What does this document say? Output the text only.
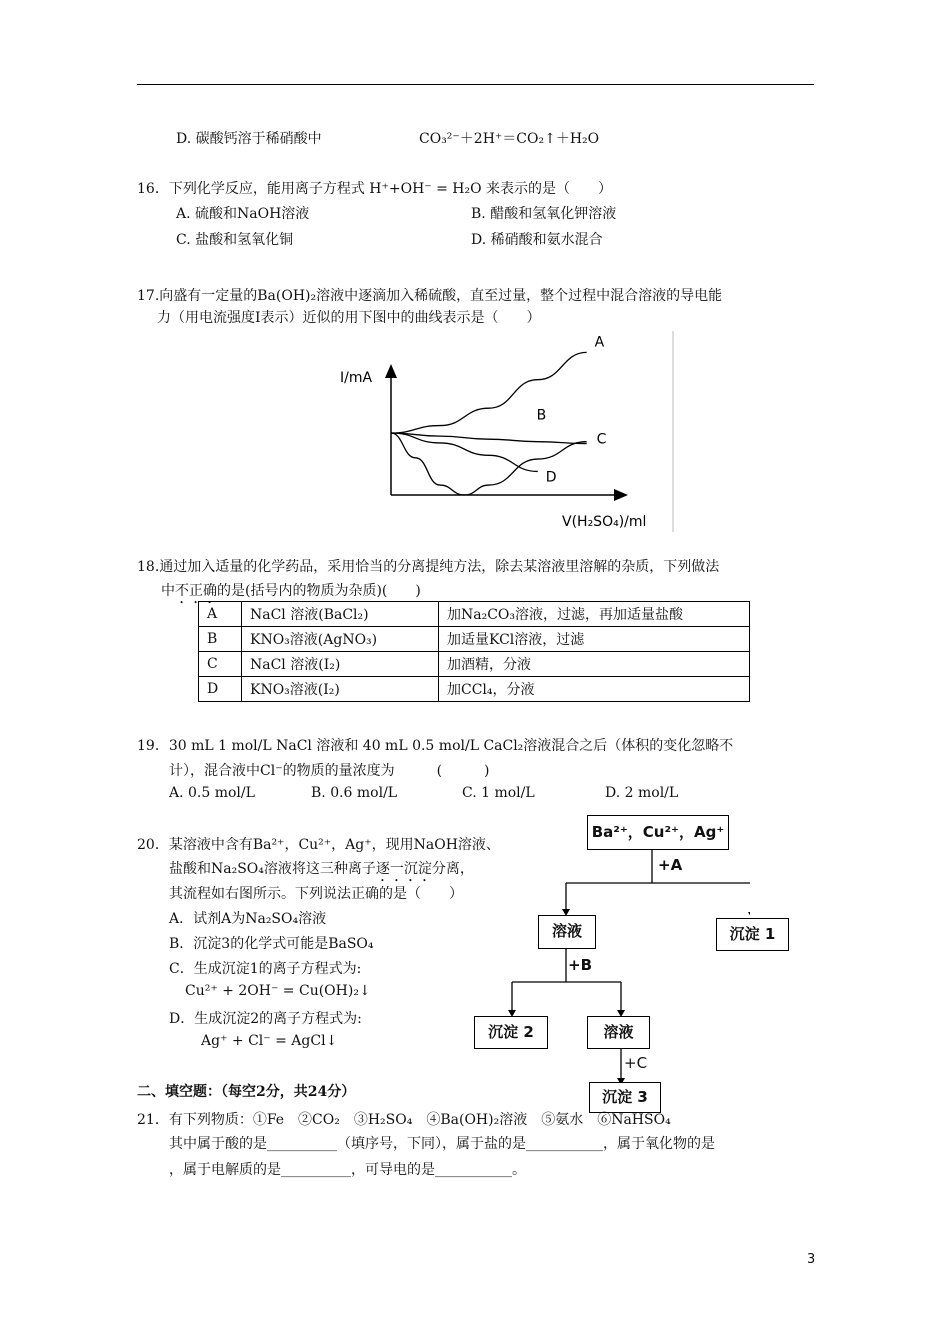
D. 碳酸钙溶于稀硝酸中	CO₃²⁻＋2H⁺＝CO₂↑＋H₂O
16．下列化学反应，能用离子方程式 H⁺+OH⁻ = H₂O 来表示的是（　　）
A. 硫酸和NaOH溶液	B. 醋酸和氢氧化钾溶液
C. 盐酸和氢氧化铜	D. 稀硝酸和氨水混合
17.向盛有一定量的Ba(OH)₂溶液中逐滴加入稀硫酸，直至过量，整个过程中混合溶液的导电能
力（用电流强度I表示）近似的用下图中的曲线表示是（　　）
I/mA
V(H₂SO₄)/ml
A
B
C
D
18.通过加入适量的化学药品，采用恰当的分离提纯方法，除去某溶液里溶解的杂质，下列做法
中不正确的是(括号内的物质为杂质)(　　)
A	NaCl 溶液(BaCl₂)	加Na₂CO₃溶液，过滤，再加适量盐酸
B	KNO₃溶液(AgNO₃)	加适量KCl溶液，过滤
C	NaCl 溶液(I₂)	加酒精，分液
D	KNO₃溶液(I₂)	加CCl₄，分液
19．30 mL 1 mol/L NaCl 溶液和 40 mL 0.5 mol/L CaCl₂溶液混合之后（体积的变化忽略不
计），混合液中Cl⁻的物质的量浓度为　　　(　　　)
A. 0.5 mol/L	B. 0.6 mol/L	C. 1 mol/L	D. 2 mol/L
20．某溶液中含有Ba²⁺，Cu²⁺，Ag⁺，现用NaOH溶液、
盐酸和Na₂SO₄溶液将这三种离子逐一沉淀分离，
其流程如右图所示。下列说法正确的是（　　）
A．试剂A为Na₂SO₄溶液
B．沉淀3的化学式可能是BaSO₄
C．生成沉淀1的离子方程式为:
Cu²⁺ + 2OH⁻ = Cu(OH)₂↓
D．生成沉淀2的离子方程式为:
Ag⁺ + Cl⁻ = AgCl↓
Ba²⁺，Cu²⁺，Ag⁺
+A
溶液	沉淀 1
+B
沉淀 2	溶液
+C
沉淀 3
二、填空题：（每空2分，共24分）
21．有下列物质：①Fe　②CO₂　③H₂SO₄　④Ba(OH)₂溶液　⑤氨水　⑥NaHSO₄
其中属于酸的是__________（填序号，下同），属于盐的是___________，属于氧化物的是
，属于电解质的是__________，可导电的是___________。
3
